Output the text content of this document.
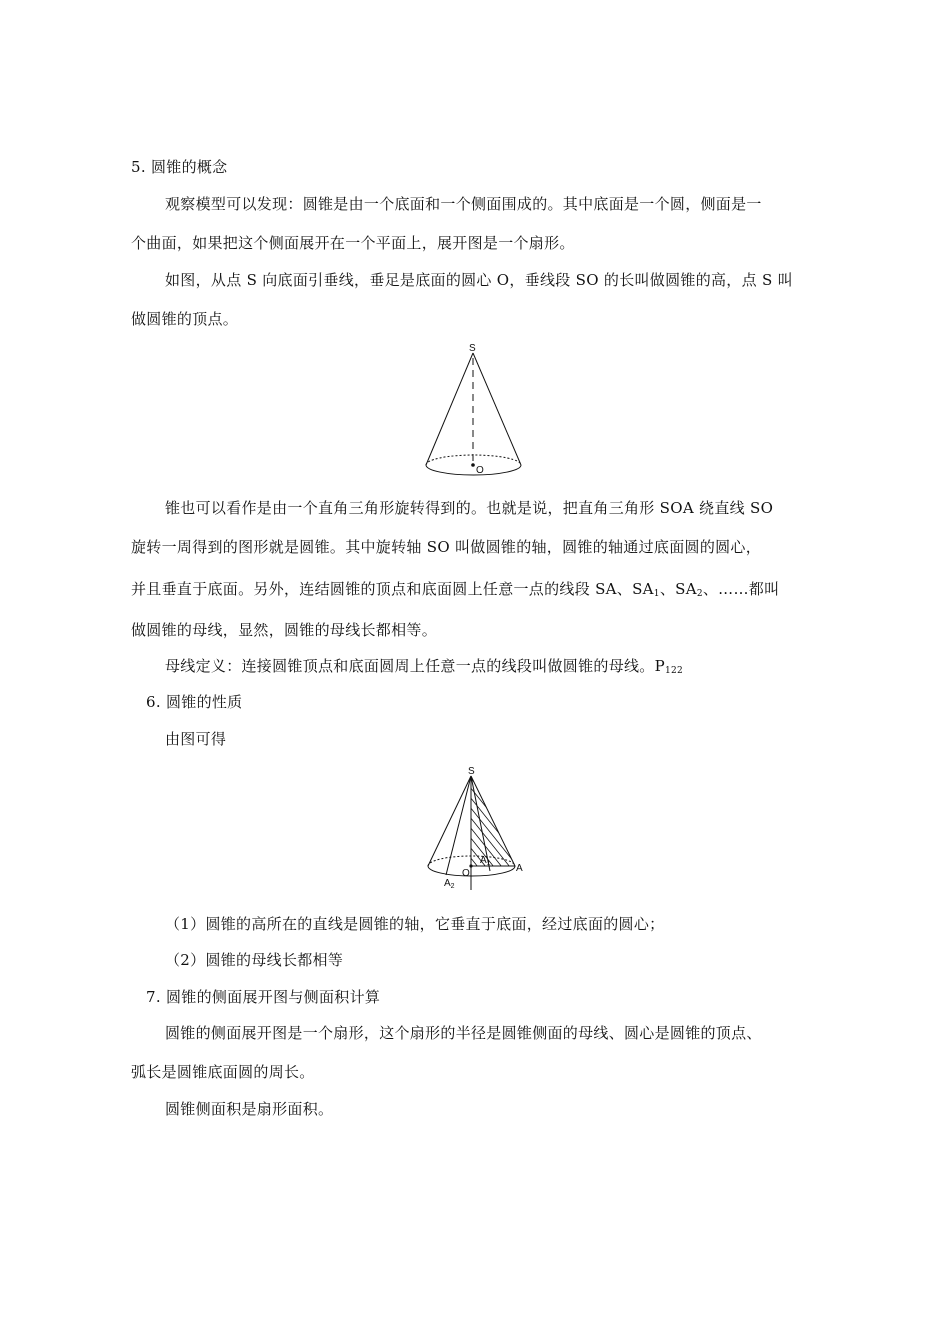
5. 圆锥的概念
观察模型可以发现：圆锥是由一个底面和一个侧面围成的。其中底面是一个圆，侧面是一
个曲面，如果把这个侧面展开在一个平面上，展开图是一个扇形。
如图，从点 S 向底面引垂线，垂足是底面的圆心 O，垂线段 SO 的长叫做圆锥的高，点 S 叫
做圆锥的顶点。
S
O
锥也可以看作是由一个直角三角形旋转得到的。也就是说，把直角三角形 SOA 绕直线 SO
旋转一周得到的图形就是圆锥。其中旋转轴 SO 叫做圆锥的轴，圆锥的轴通过底面圆的圆心，
并且垂直于底面。另外，连结圆锥的顶点和底面圆上任意一点的线段 SA、$SA_1$、$SA_2$、……都叫
做圆锥的母线，显然，圆锥的母线长都相等。
母线定义：连接圆锥顶点和底面圆周上任意一点的线段叫做圆锥的母线。$P_{122}$
6. 圆锥的性质
由图可得
S
O	A
$A_1$
$A_2$
（1）圆锥的高所在的直线是圆锥的轴，它垂直于底面，经过底面的圆心；
（2）圆锥的母线长都相等
7. 圆锥的侧面展开图与侧面积计算
圆锥的侧面展开图是一个扇形，这个扇形的半径是圆锥侧面的母线、圆心是圆锥的顶点、
弧长是圆锥底面圆的周长。
圆锥侧面积是扇形面积。
